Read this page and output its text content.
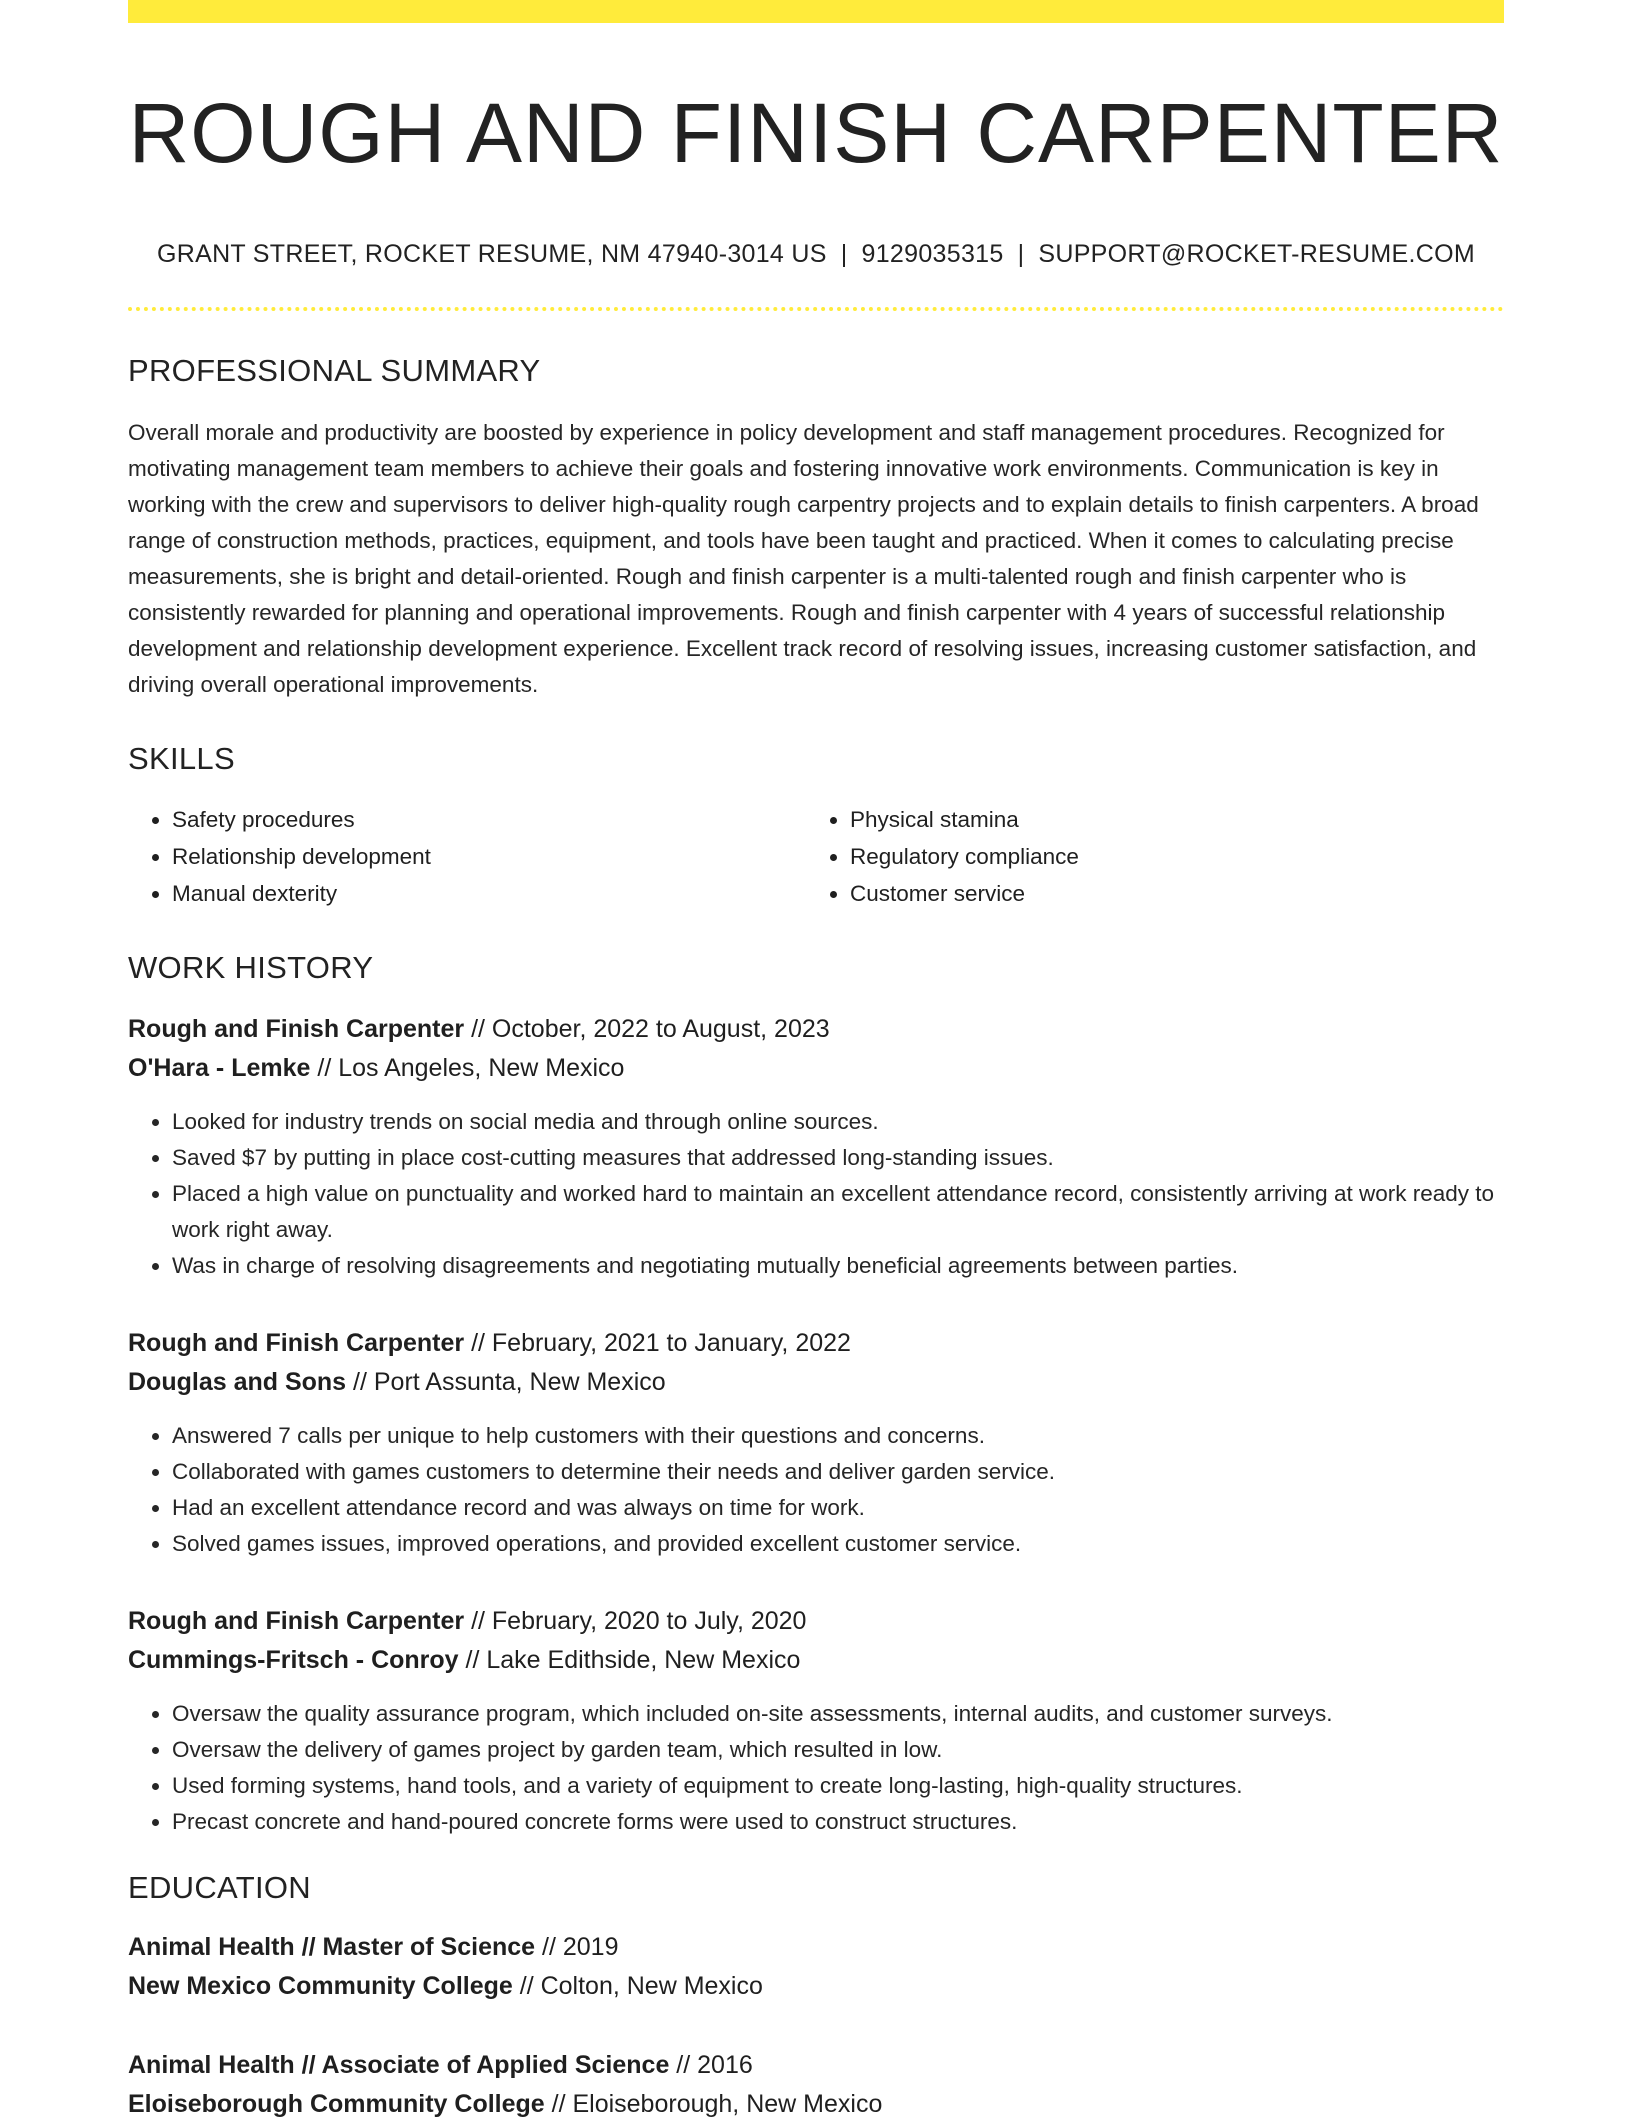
ROUGH AND FINISH CARPENTER
GRANT STREET, ROCKET RESUME, NM 47940-3014 US | 9129035315 | SUPPORT@ROCKET-RESUME.COM
PROFESSIONAL SUMMARY

Overall morale and productivity are boosted by experience in policy development and staff management procedures. Recognized for motivating management team members to achieve their goals and fostering innovative work environments. Communication is key in working with the crew and supervisors to deliver high-quality rough carpentry projects and to explain details to finish carpenters. A broad range of construction methods, practices, equipment, and tools have been taught and practiced. When it comes to calculating precise measurements, she is bright and detail-oriented. Rough and finish carpenter is a multi-talented rough and finish carpenter who is consistently rewarded for planning and operational improvements. Rough and finish carpenter with 4 years of successful relationship development and relationship development experience. Excellent track record of resolving issues, increasing customer satisfaction, and driving overall operational improvements.

SKILLS
• Safety procedures
• Relationship development
• Manual dexterity
• Physical stamina
• Regulatory compliance
• Customer service
WORK HISTORY
Rough and Finish Carpenter // October, 2022 to August, 2023
O'Hara - Lemke // Los Angeles, New Mexico
• Looked for industry trends on social media and through online sources.
• Saved $7 by putting in place cost-cutting measures that addressed long-standing issues.
• Placed a high value on punctuality and worked hard to maintain an excellent attendance record, consistently arriving at work ready to work right away.
• Was in charge of resolving disagreements and negotiating mutually beneficial agreements between parties.
Rough and Finish Carpenter // February, 2021 to January, 2022
Douglas and Sons // Port Assunta, New Mexico
• Answered 7 calls per unique to help customers with their questions and concerns.
• Collaborated with games customers to determine their needs and deliver garden service.
• Had an excellent attendance record and was always on time for work.
• Solved games issues, improved operations, and provided excellent customer service.
Rough and Finish Carpenter // February, 2020 to July, 2020
Cummings-Fritsch - Conroy // Lake Edithside, New Mexico
• Oversaw the quality assurance program, which included on-site assessments, internal audits, and customer surveys.
• Oversaw the delivery of games project by garden team, which resulted in low.
• Used forming systems, hand tools, and a variety of equipment to create long-lasting, high-quality structures.
• Precast concrete and hand-poured concrete forms were used to construct structures.
EDUCATION
Animal Health // Master of Science // 2019
New Mexico Community College // Colton, New Mexico
Animal Health // Associate of Applied Science // 2016
Eloiseborough Community College // Eloiseborough, New Mexico
